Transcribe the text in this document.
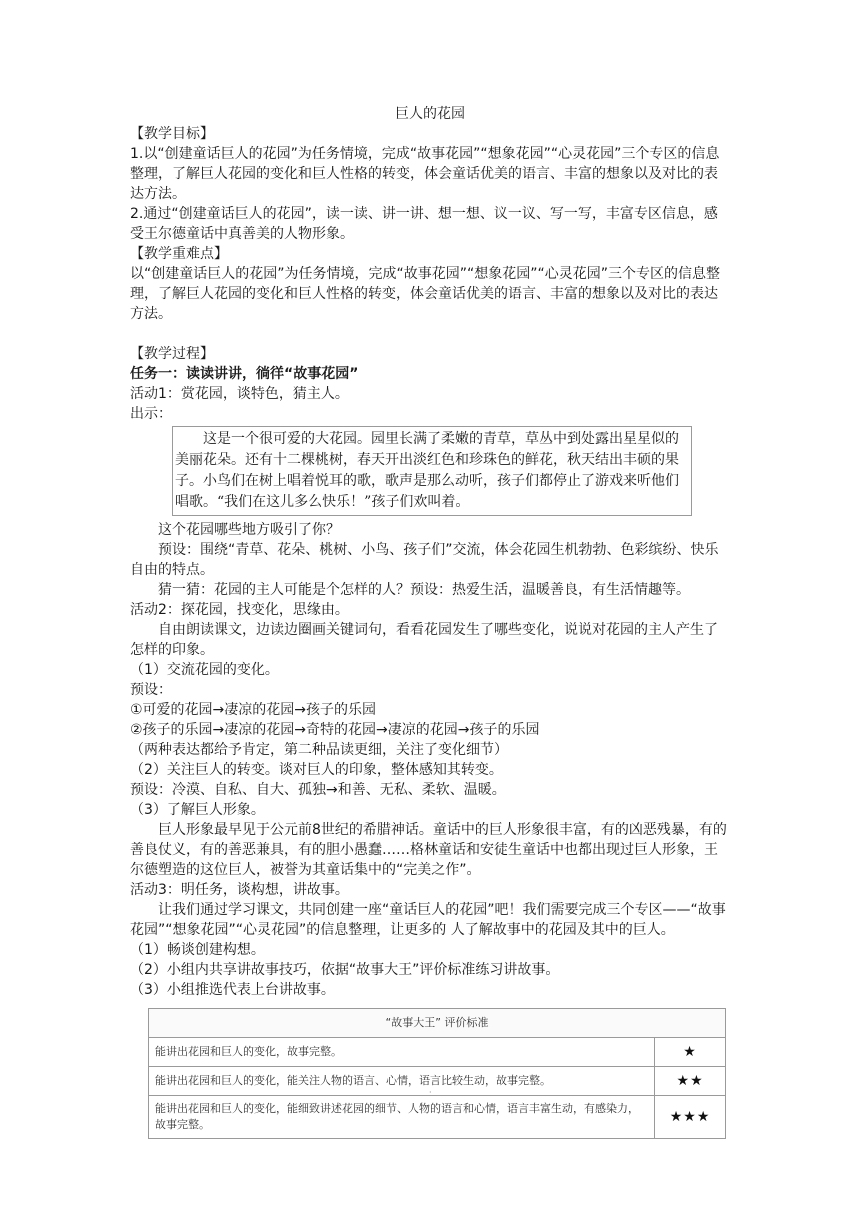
巨人的花园

【教学目标】

1.以“创建童话巨人的花园”为任务情境，完成“故事花园”“想象花园”“心灵花园”三个专区的信息整理，了解巨人花园的变化和巨人性格的转变，体会童话优美的语言、丰富的想象以及对比的表达方法。

2.通过“创建童话巨人的花园”，读一读、讲一讲、想一想、议一议、写一写，丰富专区信息，感受王尔德童话中真善美的人物形象。

【教学重难点】

以“创建童话巨人的花园”为任务情境，完成“故事花园”“想象花园”“心灵花园”三个专区的信息整理，了解巨人花园的变化和巨人性格的转变，体会童话优美的语言、丰富的想象以及对比的表达方法。

【教学过程】

任务一：读读讲讲，徜徉“故事花园”

活动1：赏花园，谈特色，猜主人。

出示：

这是一个很可爱的大花园。园里长满了柔嫩的青草，草丛中到处露出星星似的美丽花朵。还有十二棵桃树，春天开出淡红色和珍珠色的鲜花，秋天结出丰硕的果子。小鸟们在树上唱着悦耳的歌，歌声是那么动听，孩子们都停止了游戏来听他们唱歌。“我们在这儿多么快乐！”孩子们欢叫着。

这个花园哪些地方吸引了你？

预设：围绕“青草、花朵、桃树、小鸟、孩子们”交流，体会花园生机勃勃、色彩缤纷、快乐自由的特点。

猜一猜：花园的主人可能是个怎样的人？预设：热爱生活，温暖善良，有生活情趣等。

活动2：探花园，找变化，思缘由。

自由朗读课文，边读边圈画关键词句，看看花园发生了哪些变化，说说对花园的主人产生了怎样的印象。

（1）交流花园的变化。

预设：

①可爱的花园→凄凉的花园→孩子的乐园

②孩子的乐园→凄凉的花园→奇特的花园→凄凉的花园→孩子的乐园

（两种表达都给予肯定，第二种品读更细，关注了变化细节）

（2）关注巨人的转变。谈对巨人的印象，整体感知其转变。

预设：冷漠、自私、自大、孤独→和善、无私、柔软、温暖。

（3）了解巨人形象。

巨人形象最早见于公元前8世纪的希腊神话。童话中的巨人形象很丰富，有的凶恶残暴，有的善良仗义，有的善恶兼具，有的胆小愚蠢……格林童话和安徒生童话中也都出现过巨人形象，王尔德塑造的这位巨人，被誉为其童话集中的“完美之作”。

活动3：明任务，谈构想，讲故事。

让我们通过学习课文，共同创建一座“童话巨人的花园”吧！我们需要完成三个专区——“故事花园”“想象花园”“心灵花园”的信息整理，让更多的 人了解故事中的花园及其中的巨人。

（1）畅谈创建构想。

（2）小组内共享讲故事技巧，依据“故事大王”评价标准练习讲故事。

（3）小组推选代表上台讲故事。

“故事大王” 评价标准	
能讲出花园和巨人的变化，故事完整。	★
能讲出花园和巨人的变化，能关注人物的语言、心情，语言比较生动，故事完整。	★★
能讲出花园和巨人的变化，能细致讲述花园的细节、人物的语言和心情，语言丰富生动，有感染力，故事完整。	★★★
·
